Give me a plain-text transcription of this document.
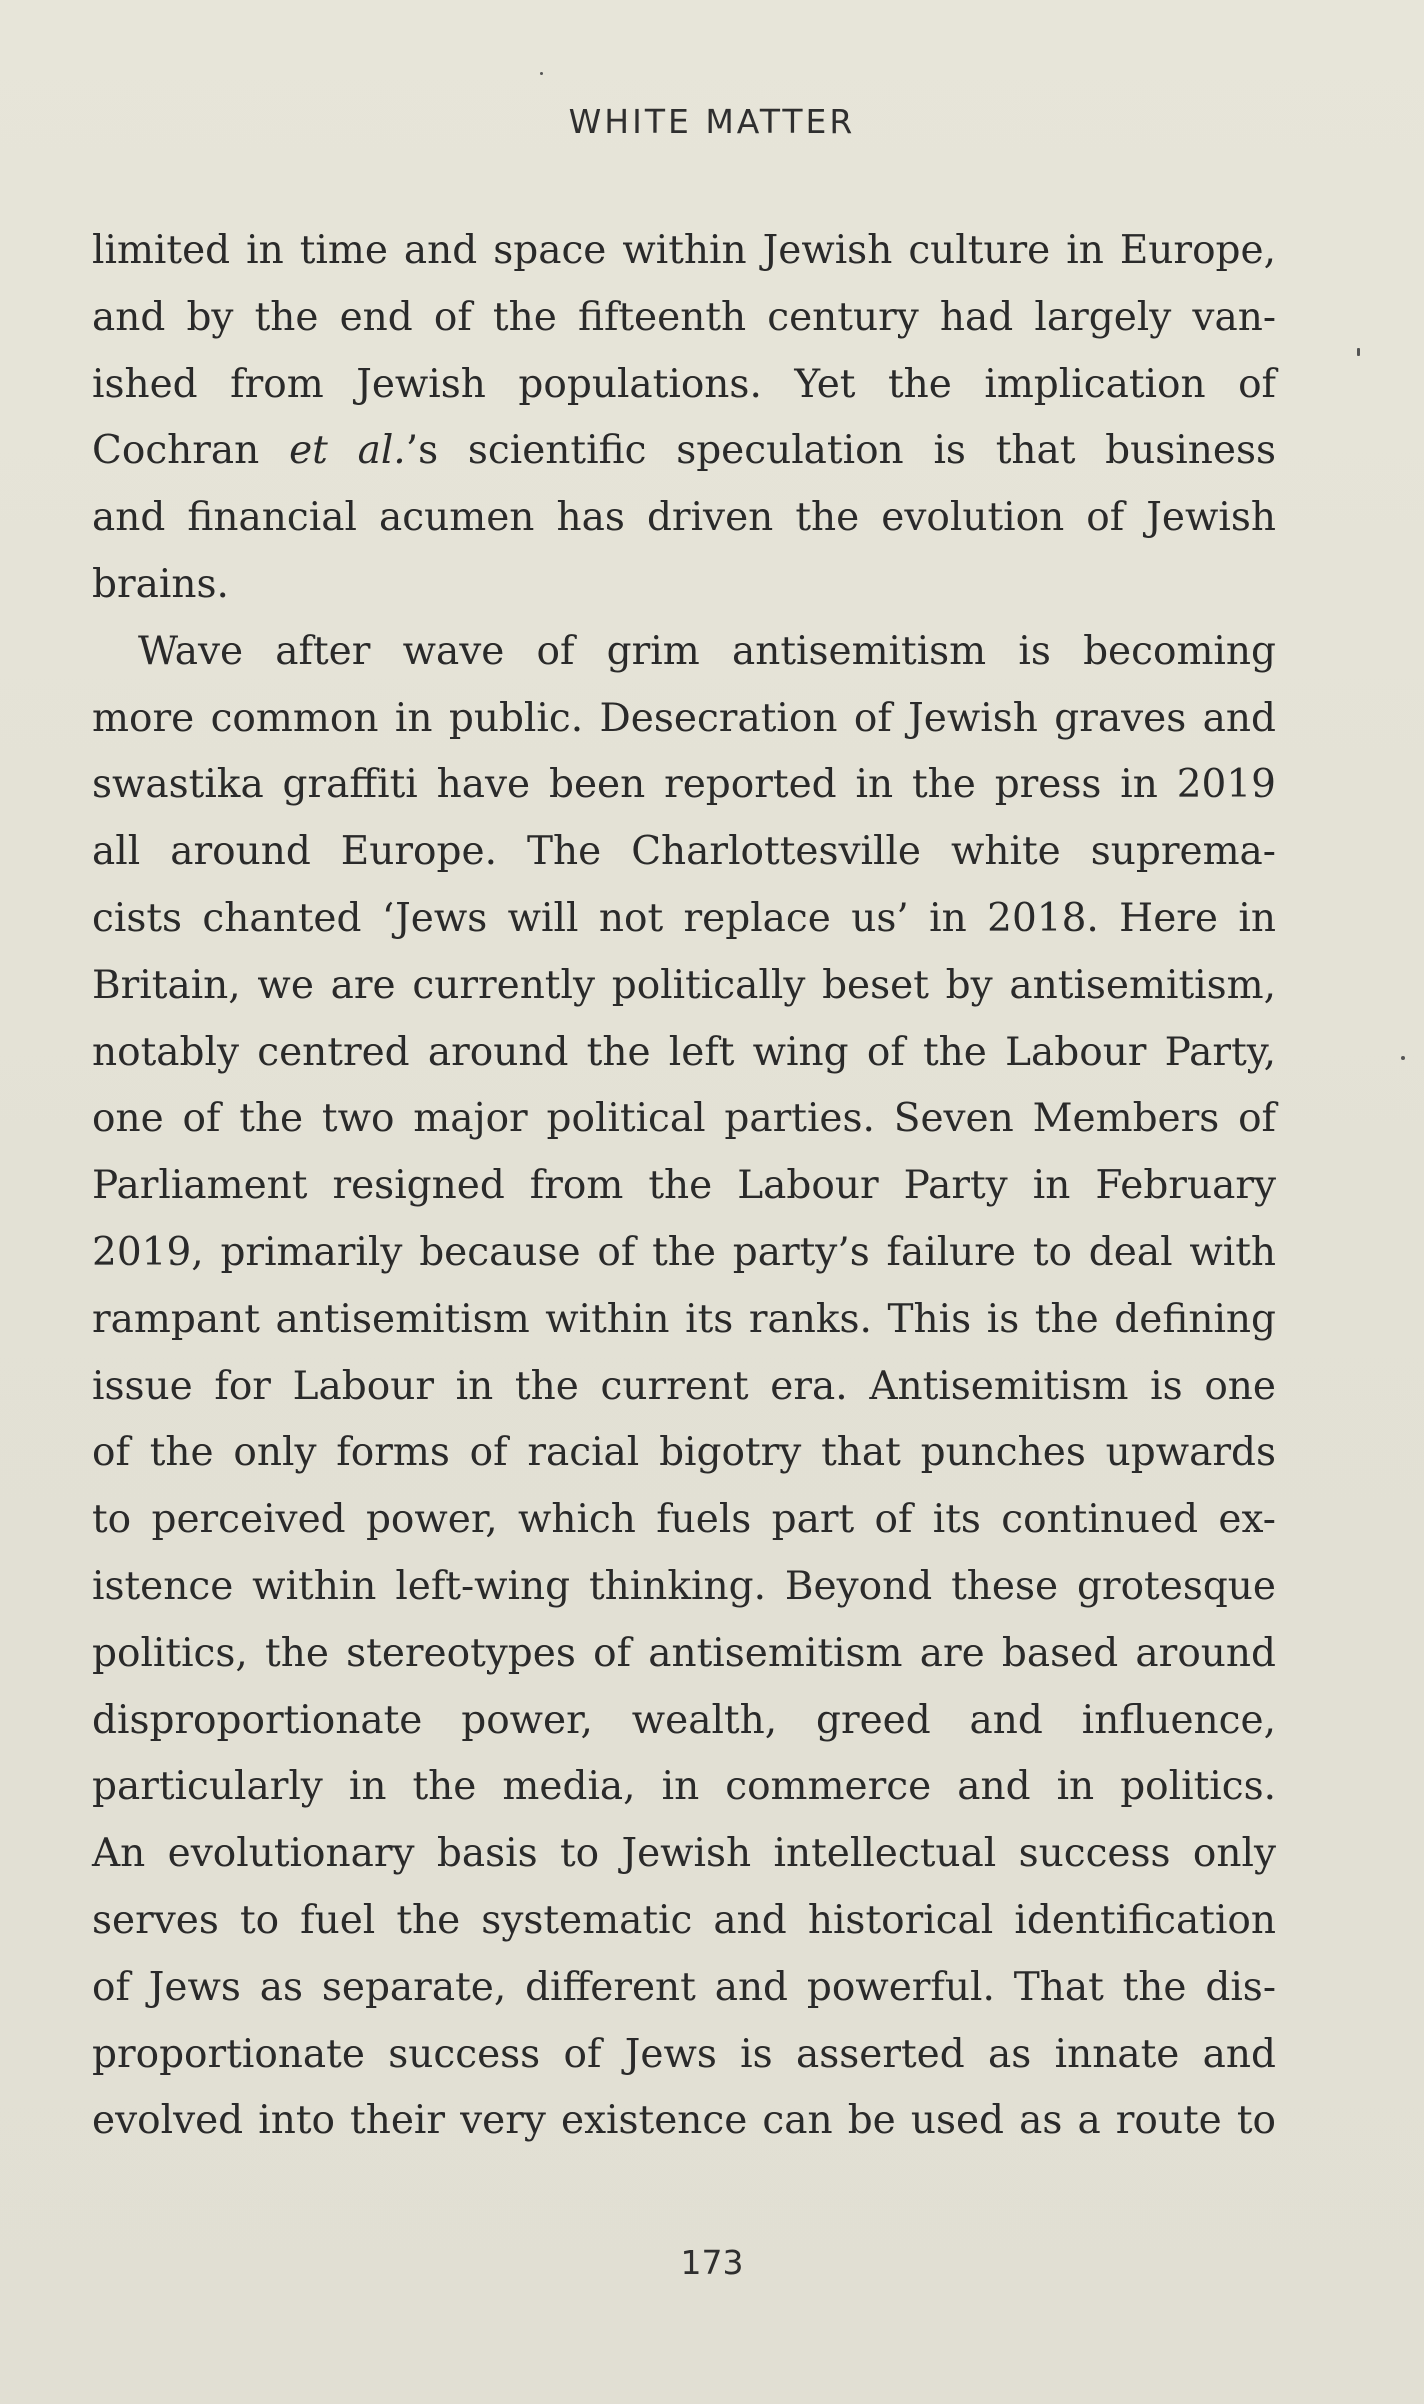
WHITE MATTER
limited in time and space within Jewish culture in Europe,
and by the end of the fifteenth century had largely van-
ished from Jewish populations. Yet the implication of
Cochran et al.’s scientific speculation is that business
and financial acumen has driven the evolution of Jewish
brains.
Wave after wave of grim antisemitism is becoming
more common in public. Desecration of Jewish graves and
swastika graffiti have been reported in the press in 2019
all around Europe. The Charlottesville white suprema-
cists chanted ‘Jews will not replace us’ in 2018. Here in
Britain, we are currently politically beset by antisemitism,
notably centred around the left wing of the Labour Party,
one of the two major political parties. Seven Members of
Parliament resigned from the Labour Party in February
2019, primarily because of the party’s failure to deal with
rampant antisemitism within its ranks. This is the defining
issue for Labour in the current era. Antisemitism is one
of the only forms of racial bigotry that punches upwards
to perceived power, which fuels part of its continued ex-
istence within left-wing thinking. Beyond these grotesque
politics, the stereotypes of antisemitism are based around
disproportionate power, wealth, greed and influence,
particularly in the media, in commerce and in politics.
An evolutionary basis to Jewish intellectual success only
serves to fuel the systematic and historical identification
of Jews as separate, different and powerful. That the dis-
proportionate success of Jews is asserted as innate and
evolved into their very existence can be used as a route to
173
